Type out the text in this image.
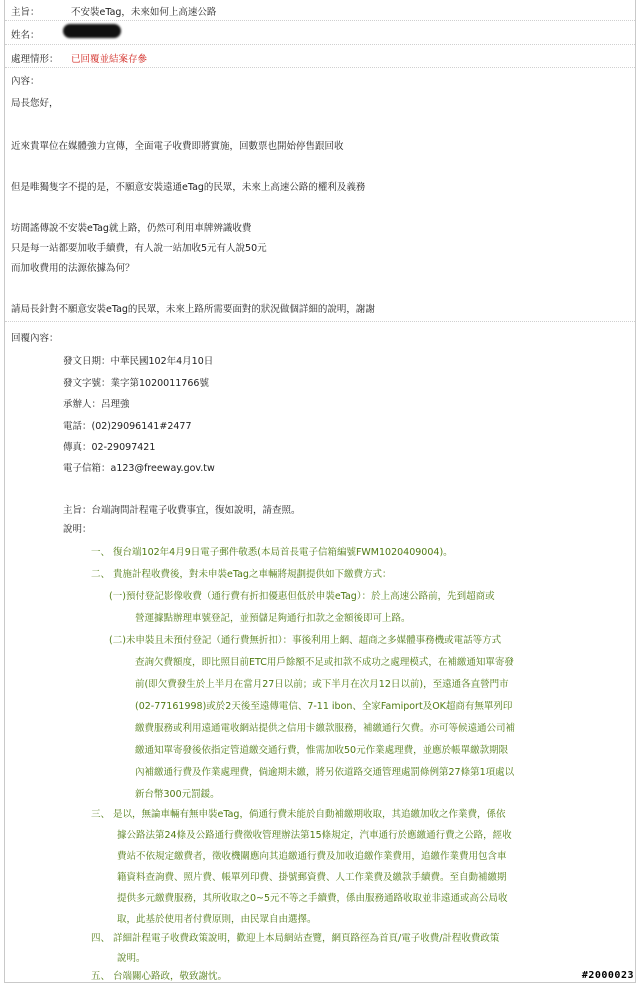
主旨：	不安裝eTag，未來如何上高速公路
姓名：
處理情形： 已回覆並結案存參
內容：
局長您好，
近來貴單位在媒體強力宣傳，全面電子收費即將實施，回數票也開始停售跟回收
但是唯獨隻字不提的是，不願意安裝遠通eTag的民眾，未來上高速公路的權利及義務
坊間謠傳說不安裝eTag就上路，仍然可利用車牌辨識收費
只是每一站都要加收手續費，有人說一站加收5元有人說50元
而加收費用的法源依據為何？
請局長針對不願意安裝eTag的民眾，未來上路所需要面對的狀況做個詳細的說明，謝謝
回覆內容：
發文日期：中華民國102年4月10日
發文字號：業字第1020011766號
承辦人：呂理強
電話：(02)29096141#2477
傳真：02-29097421
電子信箱：a123@freeway.gov.tw
主旨：台端詢問計程電子收費事宜，復如說明，請查照。
說明：
一、 復台端102年4月9日電子郵件敬悉(本局首長電子信箱編號FWM1020409004)。
二、 貴施計程收費後，對未申裝eTag之車輛將規劃提供如下繳費方式：
(一)預付登記影像收費（通行費有折扣優惠但低於申裝eTag）：於上高速公路前，先到超商或
營運據點辦理車號登記，並預儲足夠通行扣款之金額後即可上路。
(二)未申裝且未預付登記（通行費無折扣）：事後利用上網、超商之多媒體事務機或電話等方式
查詢欠費額度，即比照目前ETC用戶餘額不足或扣款不成功之處理模式，在補繳通知單寄發
前(即欠費發生於上半月在當月27日以前；或下半月在次月12日以前)，至遠通各直營門市
(02-77161998)或於2天後至遠傳電信、7-11 ibon、全家Famiport及OK超商有無單列印
繳費服務或利用遠通電收網站提供之信用卡繳款服務，補繳通行欠費。亦可等候遠通公司補
繳通知單寄發後依指定管道繳交通行費，惟需加收50元作業處理費，並應於帳單繳款期限
內補繳通行費及作業處理費，倘逾期未繳，將另依道路交通管理處罰條例第27條第1項處以
新台幣300元罰鍰。
三、 是以，無論車輛有無申裝eTag，倘通行費未能於自動補繳期收取，其追繳加收之作業費，係依
據公路法第24條及公路通行費徵收管理辦法第15條規定，汽車通行於應繳通行費之公路，經收
費站不依規定繳費者，徵收機關應向其追繳通行費及加收追繳作業費用，追繳作業費用包含車
籍資料查詢費、照片費、帳單列印費、掛號郵資費、人工作業費及繳款手續費。至自動補繳期
提供多元繳費服務，其所收取之0~5元不等之手續費，係由服務通路收取並非遠通或高公局收
取，此基於使用者付費原則，由民眾自由選擇。
四、 詳細計程電子收費政策說明，歡迎上本局網站查覽，網頁路徑為首頁/電子收費/計程收費政策
說明。
五、 台端關心路政，敬致謝忱。	#2000023
